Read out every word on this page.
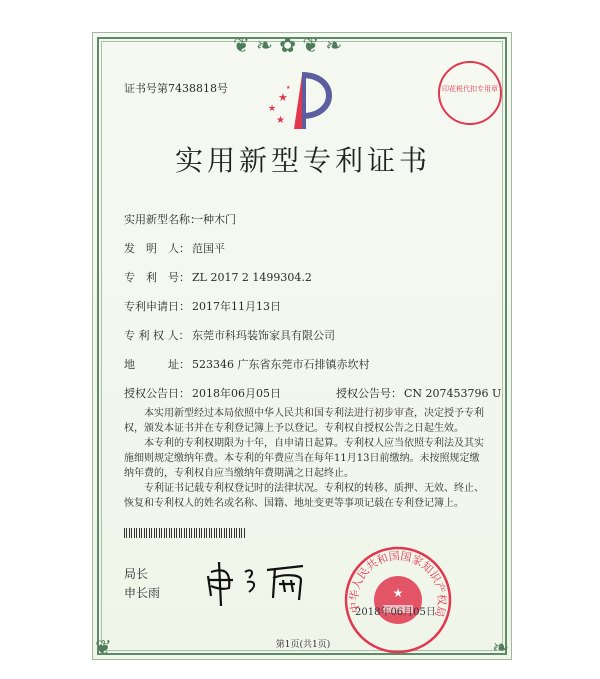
❦ ❧ ✿ ❦ ❧
❦	❧
证书号第7438818号
★
★
★
★	印花税代扣专用章
实用新型专利证书
实用新型名称：一种木门
发　明　人： 范国平
专　利　号： ZL 2017 2 1499304.2
专利申请日： 2017年11月13日
专 利 权 人： 东莞市科玛装饰家具有限公司
地　　　址： 523346 广东省东莞市石排镇赤坎村
授权公告日： 2018年06月05日	授权公告号： CN 207453796 U

本实用新型经过本局依照中华人民共和国专利法进行初步审查，决定授予专利权，颁发本证书并在专利登记簿上予以登记。专利权自授权公告之日起生效。

本专利的专利权期限为十年，自申请日起算。专利权人应当依照专利法及其实施细则规定缴纳年费。本专利的年费应当在每年11月13日前缴纳。未按照规定缴纳年费的，专利权自应当缴纳年费期满之日起终止。

专利证书记载专利权登记时的法律状况。专利权的转移、质押、无效、终止、恢复和专利权人的姓名或名称、国籍、地址变更等事项记载在专利登记簿上。

局长
申长雨
中华人民共和国国家知识产权局
★
2018年06月05日
第1页(共1页)
